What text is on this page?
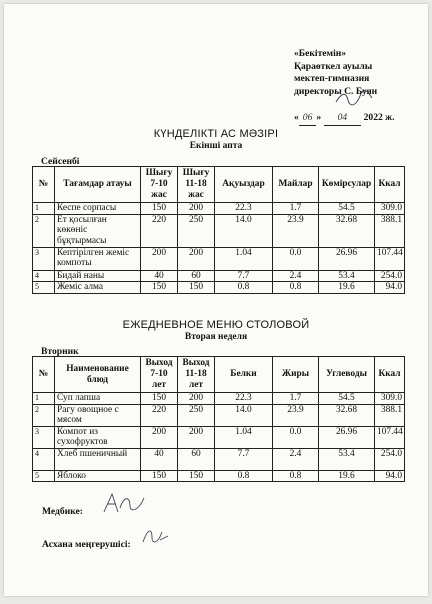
«Бекітемін»
Қараөткел ауылы
мектеп-гимназия
директоры С. Буян
« 06 » 04 2022 ж.
КҮНДЕЛІКТІ АС МӘЗІРІ
Екінші апта
Сейсенбі
№	Тағамдар атауы	Шығу 7-10 жас	Шығу 11-18 жас	Ақуыздар	Майлар	Көмірсулар	Ккал
1	Кеспе сорпасы	150	200	22.3	1.7	54.5	309.0
2	Ет қосылған көкөніс бұқтырмасы	220	250	14.0	23.9	32.68	388.1
3	Кептірілген жеміс компоты	200	200	1.04	0.0	26.96	107.44
4	Бидай наны	40	60	7.7	2.4	53.4	254.0
5	Жеміс алма	150	150	0.8	0.8	19.6	94.0
ЕЖЕДНЕВНОЕ МЕНЮ СТОЛОВОЙ
Вторая неделя
Вторник
№	Наименование блюд	Выход 7-10 лет	Выход 11-18 лет	Белки	Жиры	Углеводы	Ккал
1	Суп лапша	150	200	22.3	1.7	54.5	309.0
2	Рагу овощное с мясом	220	250	14.0	23.9	32.68	388.1
3	Компот из сухофруктов	200	200	1.04	0.0	26.96	107.44
4	Хлеб пшеничный	40	60	7.7	2.4	53.4	254.0
5	Яблоко	150	150	0.8	0.8	19.6	94.0
Медбике:
Асхана меңгерушісі:
